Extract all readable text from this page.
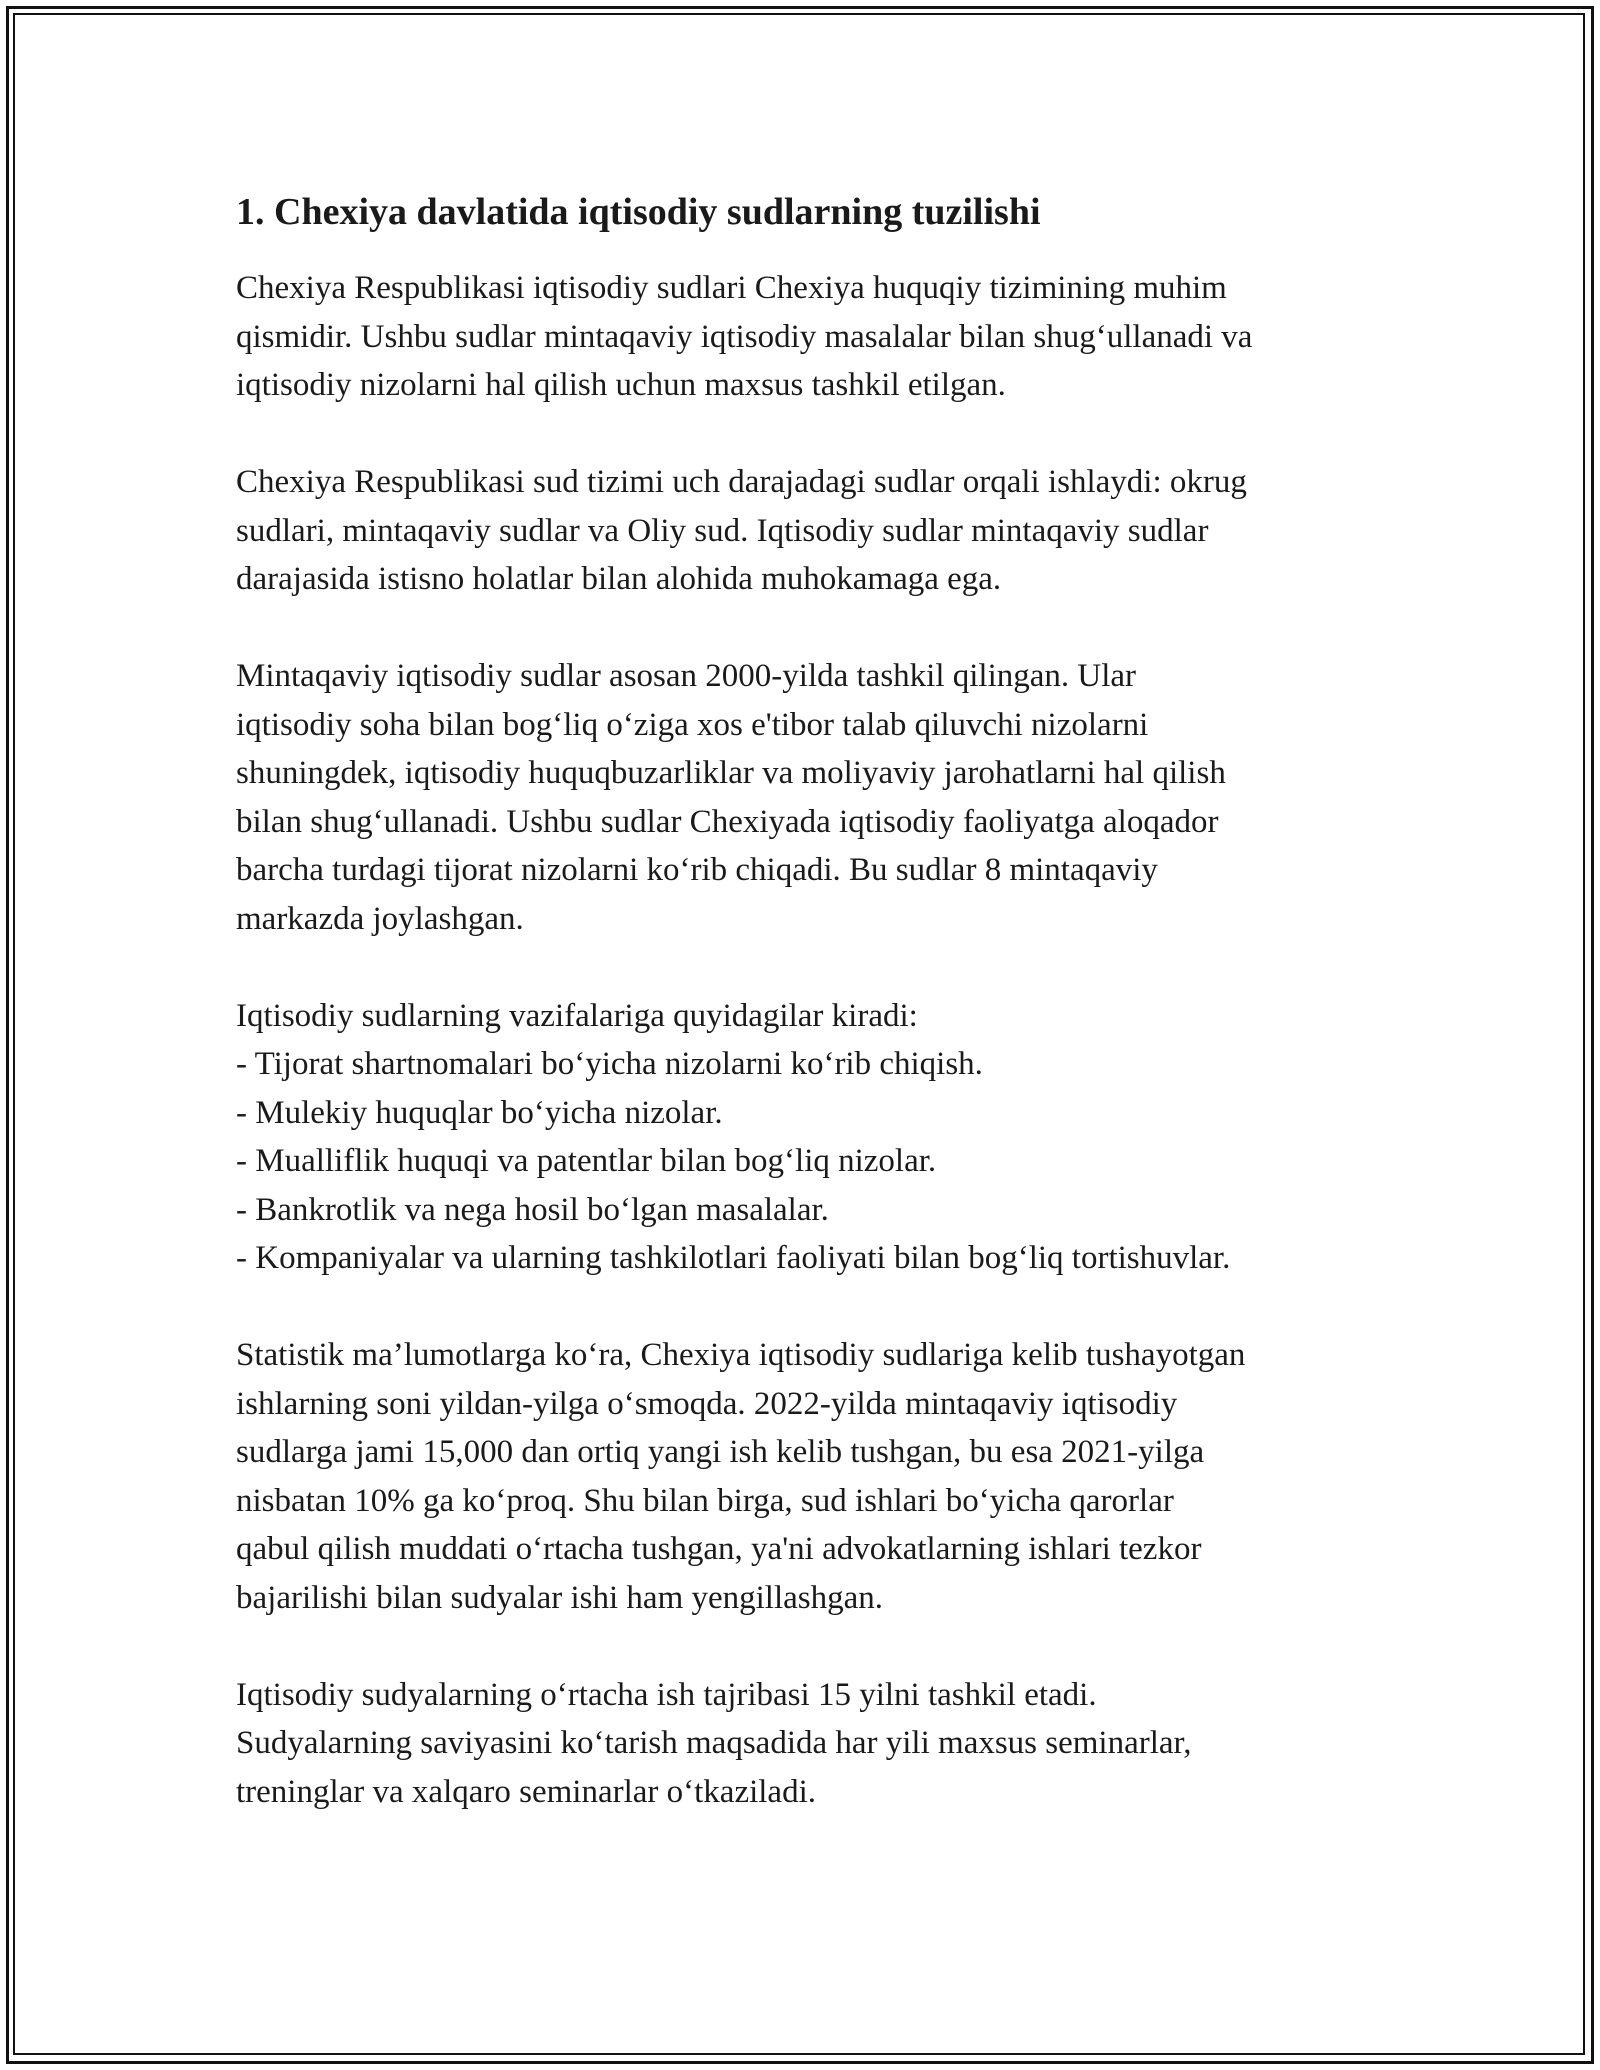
1. Chexiya davlatida iqtisodiy sudlarning tuzilishi

Chexiya Respublikasi iqtisodiy sudlari Chexiya huquqiy tizimining muhim
qismidir. Ushbu sudlar mintaqaviy iqtisodiy masalalar bilan shug‘ullanadi va
iqtisodiy nizolarni hal qilish uchun maxsus tashkil etilgan.

Chexiya Respublikasi sud tizimi uch darajadagi sudlar orqali ishlaydi: okrug
sudlari, mintaqaviy sudlar va Oliy sud. Iqtisodiy sudlar mintaqaviy sudlar
darajasida istisno holatlar bilan alohida muhokamaga ega.

Mintaqaviy iqtisodiy sudlar asosan 2000-yilda tashkil qilingan. Ular
iqtisodiy soha bilan bog‘liq o‘ziga xos e'tibor talab qiluvchi nizolarni
shuningdek, iqtisodiy huquqbuzarliklar va moliyaviy jarohatlarni hal qilish
bilan shug‘ullanadi. Ushbu sudlar Chexiyada iqtisodiy faoliyatga aloqador
barcha turdagi tijorat nizolarni ko‘rib chiqadi. Bu sudlar 8 mintaqaviy
markazda joylashgan.

Iqtisodiy sudlarning vazifalariga quyidagilar kiradi:
- Tijorat shartnomalari bo‘yicha nizolarni ko‘rib chiqish.
- Mulekiy huquqlar bo‘yicha nizolar.
- Mualliflik huquqi va patentlar bilan bog‘liq nizolar.
- Bankrotlik va nega hosil bo‘lgan masalalar.
- Kompaniyalar va ularning tashkilotlari faoliyati bilan bog‘liq tortishuvlar.

Statistik ma’lumotlarga ko‘ra, Chexiya iqtisodiy sudlariga kelib tushayotgan
ishlarning soni yildan-yilga o‘smoqda. 2022-yilda mintaqaviy iqtisodiy
sudlarga jami 15,000 dan ortiq yangi ish kelib tushgan, bu esa 2021-yilga
nisbatan 10% ga ko‘proq. Shu bilan birga, sud ishlari bo‘yicha qarorlar
qabul qilish muddati o‘rtacha tushgan, ya'ni advokatlarning ishlari tezkor
bajarilishi bilan sudyalar ishi ham yengillashgan.

Iqtisodiy sudyalarning o‘rtacha ish tajribasi 15 yilni tashkil etadi.
Sudyalarning saviyasini ko‘tarish maqsadida har yili maxsus seminarlar,
treninglar va xalqaro seminarlar o‘tkaziladi.
